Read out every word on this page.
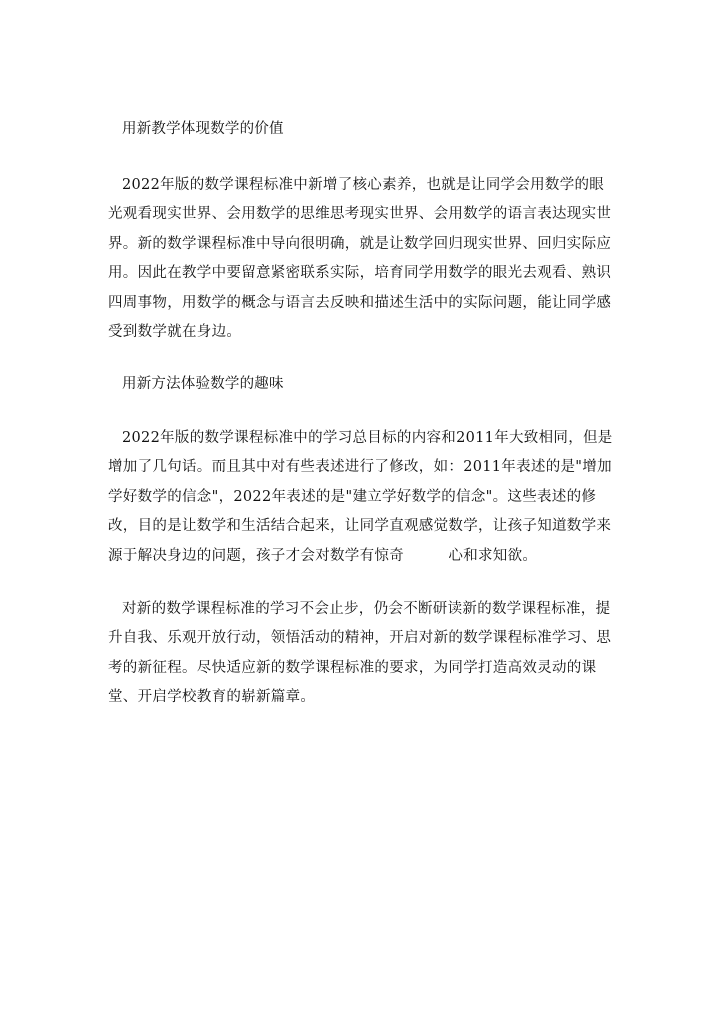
用新教学体现数学的价值

2022年版的数学课程标准中新增了核心素养，也就是让同学会用数学的眼光观看现实世界、会用数学的思维思考现实世界、会用数学的语言表达现实世界。新的数学课程标准中导向很明确，就是让数学回归现实世界、回归实际应用。因此在教学中要留意紧密联系实际，培育同学用数学的眼光去观看、熟识四周事物，用数学的概念与语言去反映和描述生活中的实际问题，能让同学感受到数学就在身边。

用新方法体验数学的趣味

2022年版的数学课程标准中的学习总目标的内容和2011年大致相同，但是增加了几句话。而且其中对有些表述进行了修改，如：2011年表述的是"增加学好数学的信念"，2022年表述的是"建立学好数学的信念"。这些表述的修改，目的是让数学和生活结合起来，让同学直观感觉数学，让孩子知道数学来源于解决身边的问题，孩子才会对数学有惊奇　　　心和求知欲。

对新的数学课程标准的学习不会止步，仍会不断研读新的数学课程标准，提升自我、乐观开放行动，领悟活动的精神，开启对新的数学课程标准学习、思考的新征程。尽快适应新的数学课程标准的要求，为同学打造高效灵动的课堂、开启学校教育的崭新篇章。
